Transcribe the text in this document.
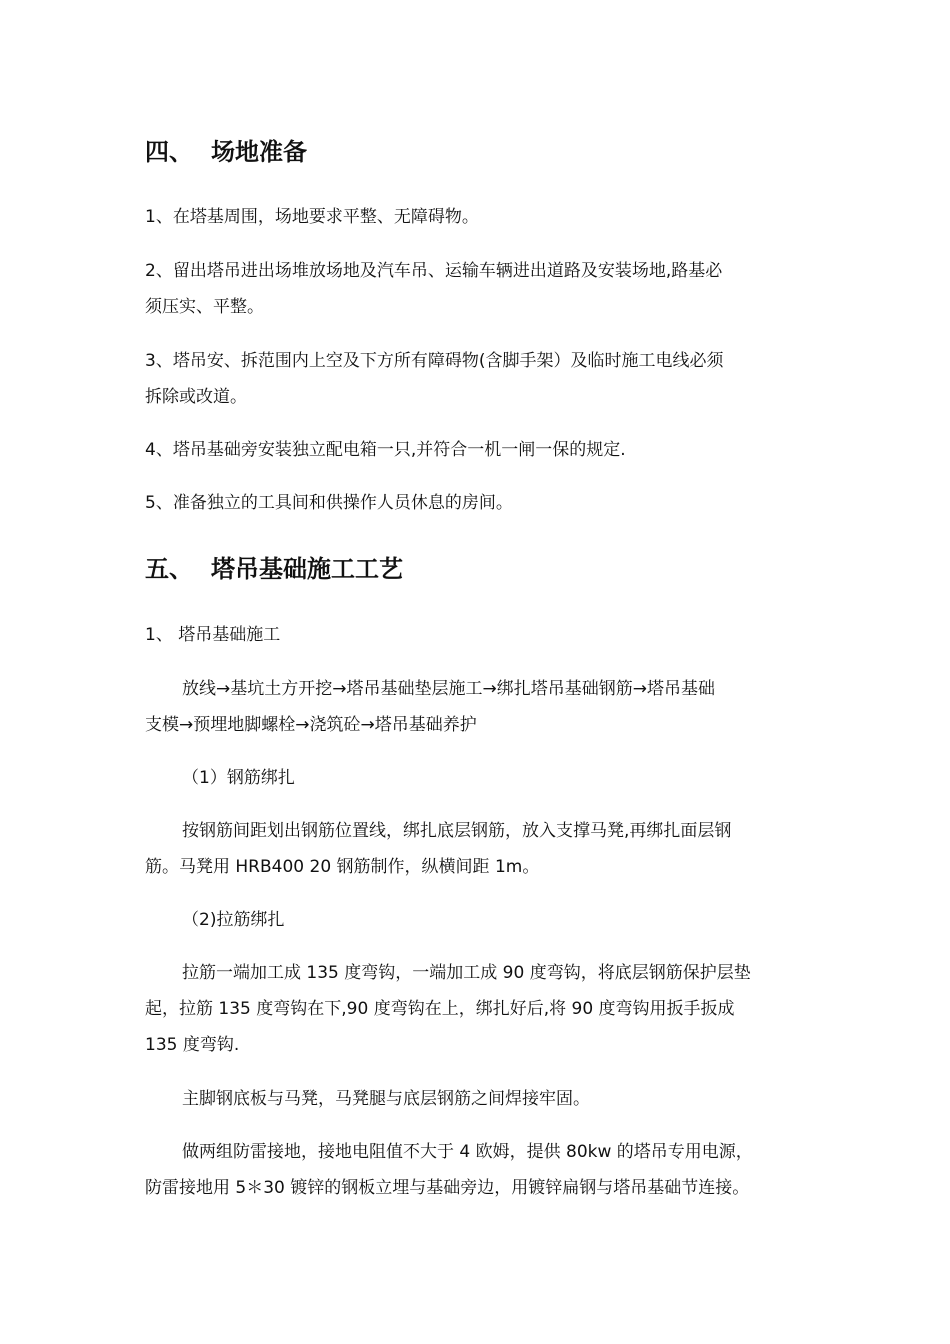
四、 场地准备
1、在塔基周围，场地要求平整、无障碍物。
2、留出塔吊进出场堆放场地及汽车吊、运输车辆进出道路及安装场地,路基必
须压实、平整。
3、塔吊安、拆范围内上空及下方所有障碍物(含脚手架）及临时施工电线必须
拆除或改道。
4、塔吊基础旁安装独立配电箱一只,并符合一机一闸一保的规定.
5、准备独立的工具间和供操作人员休息的房间。
五、 塔吊基础施工工艺
1、 塔吊基础施工
放线→基坑土方开挖→塔吊基础垫层施工→绑扎塔吊基础钢筋→塔吊基础
支模→预埋地脚螺栓→浇筑砼→塔吊基础养护
（1）钢筋绑扎
按钢筋间距划出钢筋位置线，绑扎底层钢筋，放入支撑马凳,再绑扎面层钢
筋。马凳用 HRB400 20 钢筋制作，纵横间距 1m。
（2)拉筋绑扎
拉筋一端加工成 135 度弯钩，一端加工成 90 度弯钩，将底层钢筋保护层垫
起，拉筋 135 度弯钩在下,90 度弯钩在上，绑扎好后,将 90 度弯钩用扳手扳成
135 度弯钩.
主脚钢底板与马凳，马凳腿与底层钢筋之间焊接牢固。
做两组防雷接地，接地电阻值不大于 4 欧姆，提供 80kw 的塔吊专用电源，
防雷接地用 5＊30 镀锌的钢板立埋与基础旁边，用镀锌扁钢与塔吊基础节连接。
